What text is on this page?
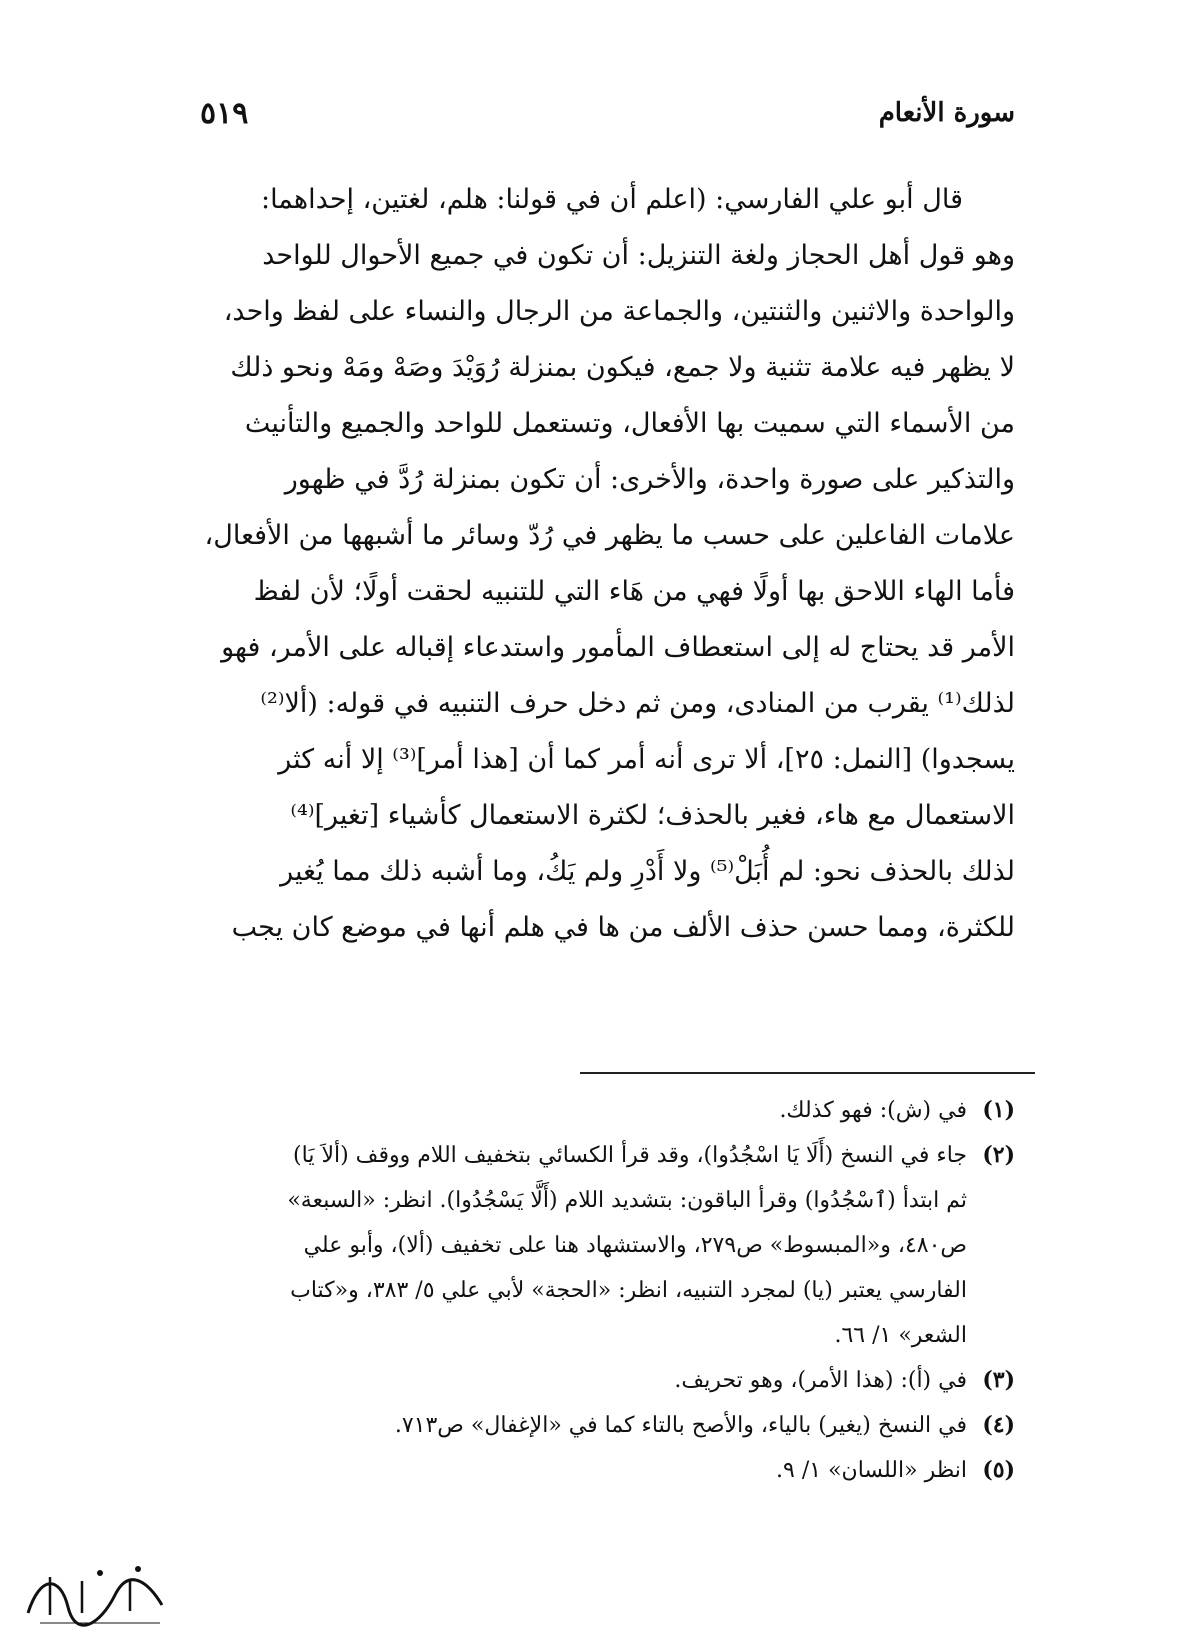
سورة الأنعام
٥١٩
قال أبو علي الفارسي: (اعلم أن في قولنا: هلم، لغتين، إحداهما:
وهو قول أهل الحجاز ولغة التنزيل: أن تكون في جميع الأحوال للواحد
والواحدة والاثنين والثنتين، والجماعة من الرجال والنساء على لفظ واحد،
لا يظهر فيه علامة تثنية ولا جمع، فيكون بمنزلة رُوَيْدَ وصَهْ ومَهْ ونحو ذلك
من الأسماء التي سميت بها الأفعال، وتستعمل للواحد والجميع والتأنيث
والتذكير على صورة واحدة، والأخرى: أن تكون بمنزلة رُدَّ في ظهور
علامات الفاعلين على حسب ما يظهر في رُدّ وسائر ما أشبهها من الأفعال،
فأما الهاء اللاحق بها أولًا فهي من هَاء التي للتنبيه لحقت أولًا؛ لأن لفظ
الأمر قد يحتاج له إلى استعطاف المأمور واستدعاء إقباله على الأمر، فهو
لذلك⁽¹⁾ يقرب من المنادى، ومن ثم دخل حرف التنبيه في قوله: (ألا⁽²⁾
يسجدوا) [النمل: ٢٥]، ألا ترى أنه أمر كما أن [هذا أمر]⁽³⁾ إلا أنه كثر
الاستعمال مع هاء، فغير بالحذف؛ لكثرة الاستعمال كأشياء [تغير]⁽⁴⁾
لذلك بالحذف نحو: لم أُبَلْ⁽⁵⁾ ولا أَدْرِ ولم يَكُ، وما أشبه ذلك مما يُغير
للكثرة، ومما حسن حذف الألف من ها في هلم أنها في موضع كان يجب
(١)
في (ش): فهو كذلك.
(٢)
جاء في النسخ (أَلَا يَا اسْجُدُوا)، وقد قرأ الكسائي بتخفيف اللام ووقف (ألاَ يَا)
ثم ابتدأ (ٱسْجُدُوا) وقرأ الباقون: بتشديد اللام (أَلَّا يَسْجُدُوا). انظر: «السبعة»
ص٤٨٠، و«المبسوط» ص٢٧٩، والاستشهاد هنا على تخفيف (ألا)، وأبو علي
الفارسي يعتبر (يا) لمجرد التنبيه، انظر: «الحجة» لأبي علي ٥/ ٣٨٣، و«كتاب
الشعر» ١/ ٦٦.
(٣)
في (أ): (هذا الأمر)، وهو تحريف.
(٤)
في النسخ (يغير) بالياء، والأصح بالتاء كما في «الإغفال» ص٧١٣.
(٥)
انظر «اللسان» ١/ ٩.
